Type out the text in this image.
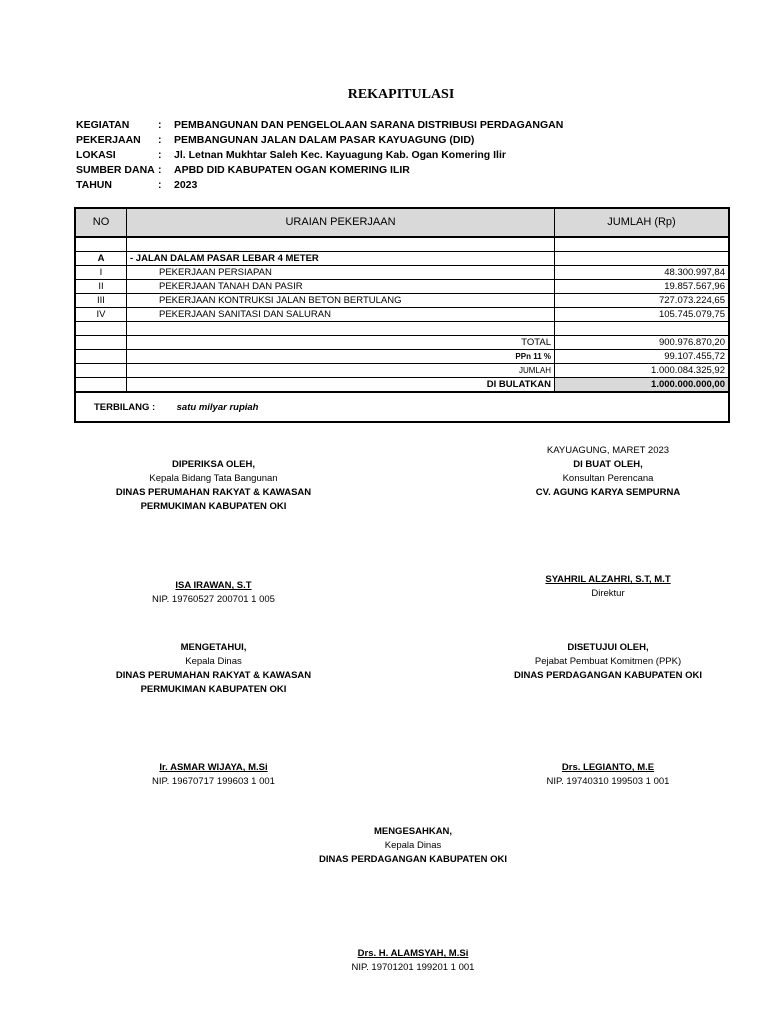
REKAPITULASI
KEGIATAN	: PEMBANGUNAN DAN PENGELOLAAN SARANA DISTRIBUSI PERDAGANGAN
PEKERJAAN : PEMBANGUNAN JALAN DALAM PASAR KAYUAGUNG (DID)
LOKASI	: Jl. Letnan Mukhtar Saleh Kec. Kayuagung Kab. Ogan Komering Ilir
SUMBER DANA : APBD DID KABUPATEN OGAN KOMERING ILIR
TAHUN	: 2023
NO	URAIAN PEKERJAAN	JUMLAH (Rp)

A	- JALAN DALAM PASAR LEBAR 4 METER	
I	PEKERJAAN PERSIAPAN	48.300.997,84
II	PEKERJAAN TANAH DAN PASIR	19.857.567,96
III	PEKERJAAN KONTRUKSI JALAN BETON BERTULANG	727.073.224,65
IV	PEKERJAAN SANITASI DAN SALURAN	105.745.079,75

	TOTAL	900.976.870,20
	PPn 11 %	99.107.455,72
	JUMLAH	1.000.084.325,92
	DI BULATKAN	1.000.000.000,00
TERBILANG : satu milyar rupiah		
KAYUAGUNG, MARET 2023
DIPERIKSA OLEH,
Kepala Bidang Tata Bangunan
DINAS PERUMAHAN RAKYAT & KAWASAN
PERMUKIMAN KABUPATEN OKI
ISA IRAWAN, S.T
NIP. 19760527 200701 1 005
DI BUAT OLEH,
Konsultan Perencana
CV. AGUNG KARYA SEMPURNA
SYAHRIL ALZAHRI, S.T, M.T
Direktur
MENGETAHUI,
Kepala Dinas
DINAS PERUMAHAN RAKYAT & KAWASAN
PERMUKIMAN KABUPATEN OKI
Ir. ASMAR WIJAYA, M.Si
NIP. 19670717 199603 1 001
DISETUJUI OLEH,
Pejabat Pembuat Komitmen (PPK)
DINAS PERDAGANGAN KABUPATEN OKI
Drs. LEGIANTO, M.E
NIP. 19740310 199503 1 001
MENGESAHKAN,
Kepala Dinas
DINAS PERDAGANGAN KABUPATEN OKI
Drs. H. ALAMSYAH, M.Si
NIP. 19701201 199201 1 001
